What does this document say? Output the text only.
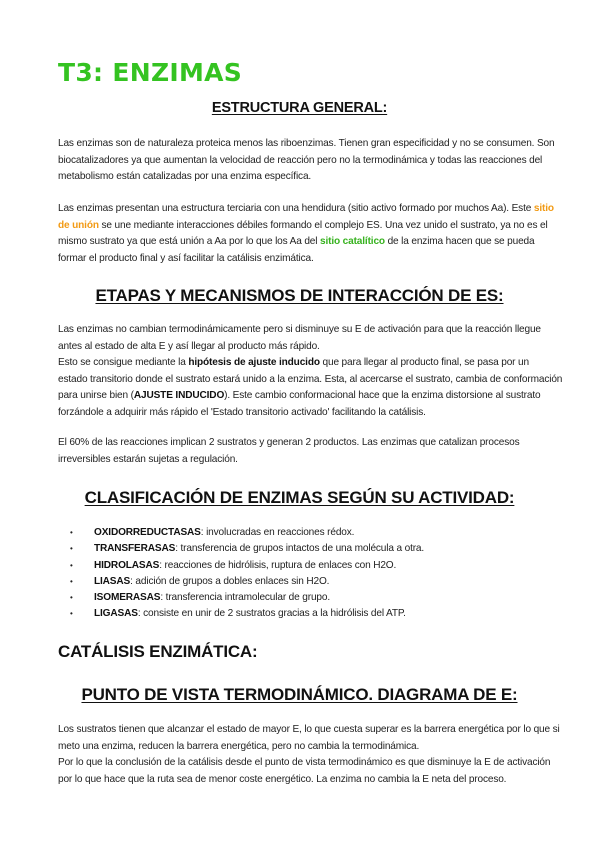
T3: ENZIMAS
ESTRUCTURA GENERAL:

Las enzimas son de naturaleza proteica menos las riboenzimas. Tienen gran especificidad y no se consumen. Son
biocatalizadores ya que aumentan la velocidad de reacción pero no la termodinámica y todas las reacciones del
metabolismo están catalizadas por una enzima específica.

Las enzimas presentan una estructura terciaria con una hendidura (sitio activo formado por muchos Aa). Este sitio
de unión se une mediante interacciones débiles formando el complejo ES. Una vez unido el sustrato, ya no es el
mismo sustrato ya que está unión a Aa por lo que los Aa del sitio catalítico de la enzima hacen que se pueda
formar el producto final y así facilitar la catálisis enzimática.

ETAPAS Y MECANISMOS DE INTERACCIÓN DE ES:

Las enzimas no cambian termodinámicamente pero si disminuye su E de activación para que la reacción llegue
antes al estado de alta E y así llegar al producto más rápido.
Esto se consigue mediante la hipótesis de ajuste inducido que para llegar al producto final, se pasa por un
estado transitorio donde el sustrato estará unido a la enzima. Esta, al acercarse el sustrato, cambia de conformación
para unirse bien (AJUSTE INDUCIDO). Este cambio conformacional hace que la enzima distorsione al sustrato
forzándole a adquirir más rápido el 'Estado transitorio activado' facilitando la catálisis.

El 60% de las reacciones implican 2 sustratos y generan 2 productos. Las enzimas que catalizan procesos
irreversibles estarán sujetas a regulación.

CLASIFICACIÓN DE ENZIMAS SEGÚN SU ACTIVIDAD:
• OXIDORREDUCTASAS: involucradas en reacciones rédox.
• TRANSFERASAS: transferencia de grupos intactos de una molécula a otra.
• HIDROLASAS: reacciones de hidrólisis, ruptura de enlaces con H2O.
• LIASAS: adición de grupos a dobles enlaces sin H2O.
• ISOMERASAS: transferencia intramolecular de grupo.
• LIGASAS: consiste en unir de 2 sustratos gracias a la hidrólisis del ATP.
CATÁLISIS ENZIMÁTICA:
PUNTO DE VISTA TERMODINÁMICO. DIAGRAMA DE E:

Los sustratos tienen que alcanzar el estado de mayor E, lo que cuesta superar es la barrera energética por lo que si
meto una enzima, reducen la barrera energética, pero no cambia la termodinámica.
Por lo que la conclusión de la catálisis desde el punto de vista termodinámico es que disminuye la E de activación
por lo que hace que la ruta sea de menor coste energético. La enzima no cambia la E neta del proceso.
